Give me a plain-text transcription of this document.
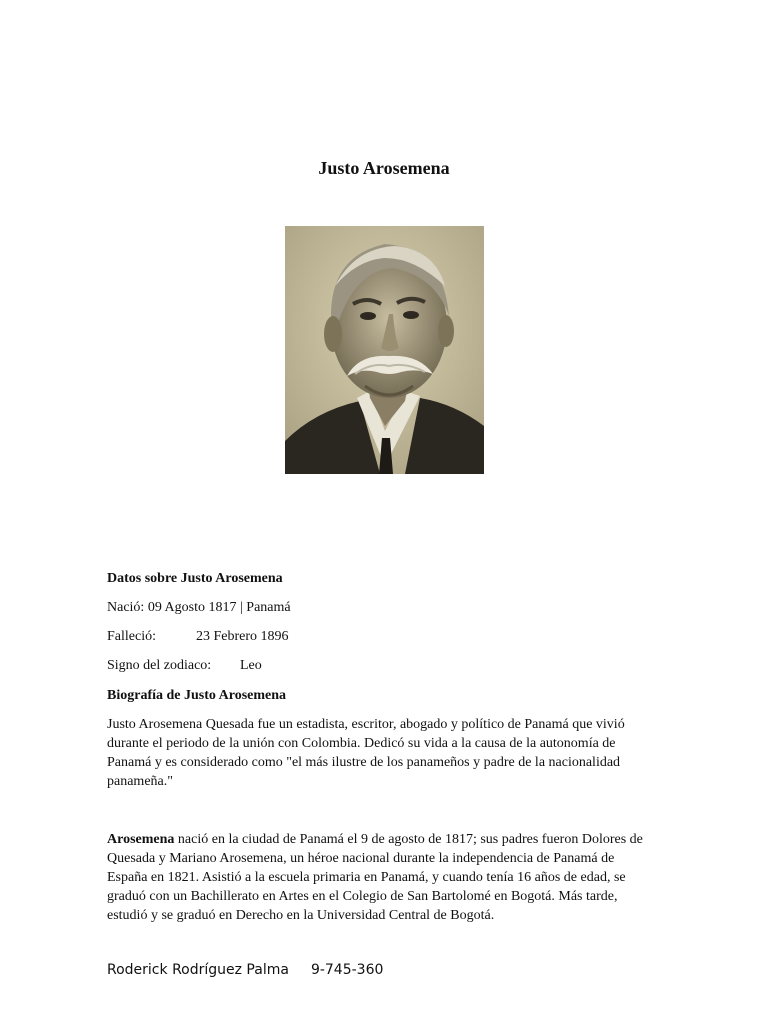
Justo Arosemena
Datos sobre Justo Arosemena
Nació: 09 Agosto 1817 | Panamá
Falleció:	23 Febrero 1896
Signo del zodiaco: Leo
Biografía de Justo Arosemena
Justo Arosemena Quesada fue un estadista, escritor, abogado y político de Panamá que vivió durante el periodo de la unión con Colombia. Dedicó su vida a la causa de la autonomía de Panamá y es considerado como "el más ilustre de los panameños y padre de la nacionalidad panameña."
Arosemena nació en la ciudad de Panamá el 9 de agosto de 1817; sus padres fueron Dolores de Quesada y Mariano Arosemena, un héroe nacional durante la independencia de Panamá de España en 1821. Asistió a la escuela primaria en Panamá, y cuando tenía 16 años de edad, se graduó con un Bachillerato en Artes en el Colegio de San Bartolomé en Bogotá. Más tarde, estudió y se graduó en Derecho en la Universidad Central de Bogotá.
Roderick Rodríguez Palma 9-745-360
